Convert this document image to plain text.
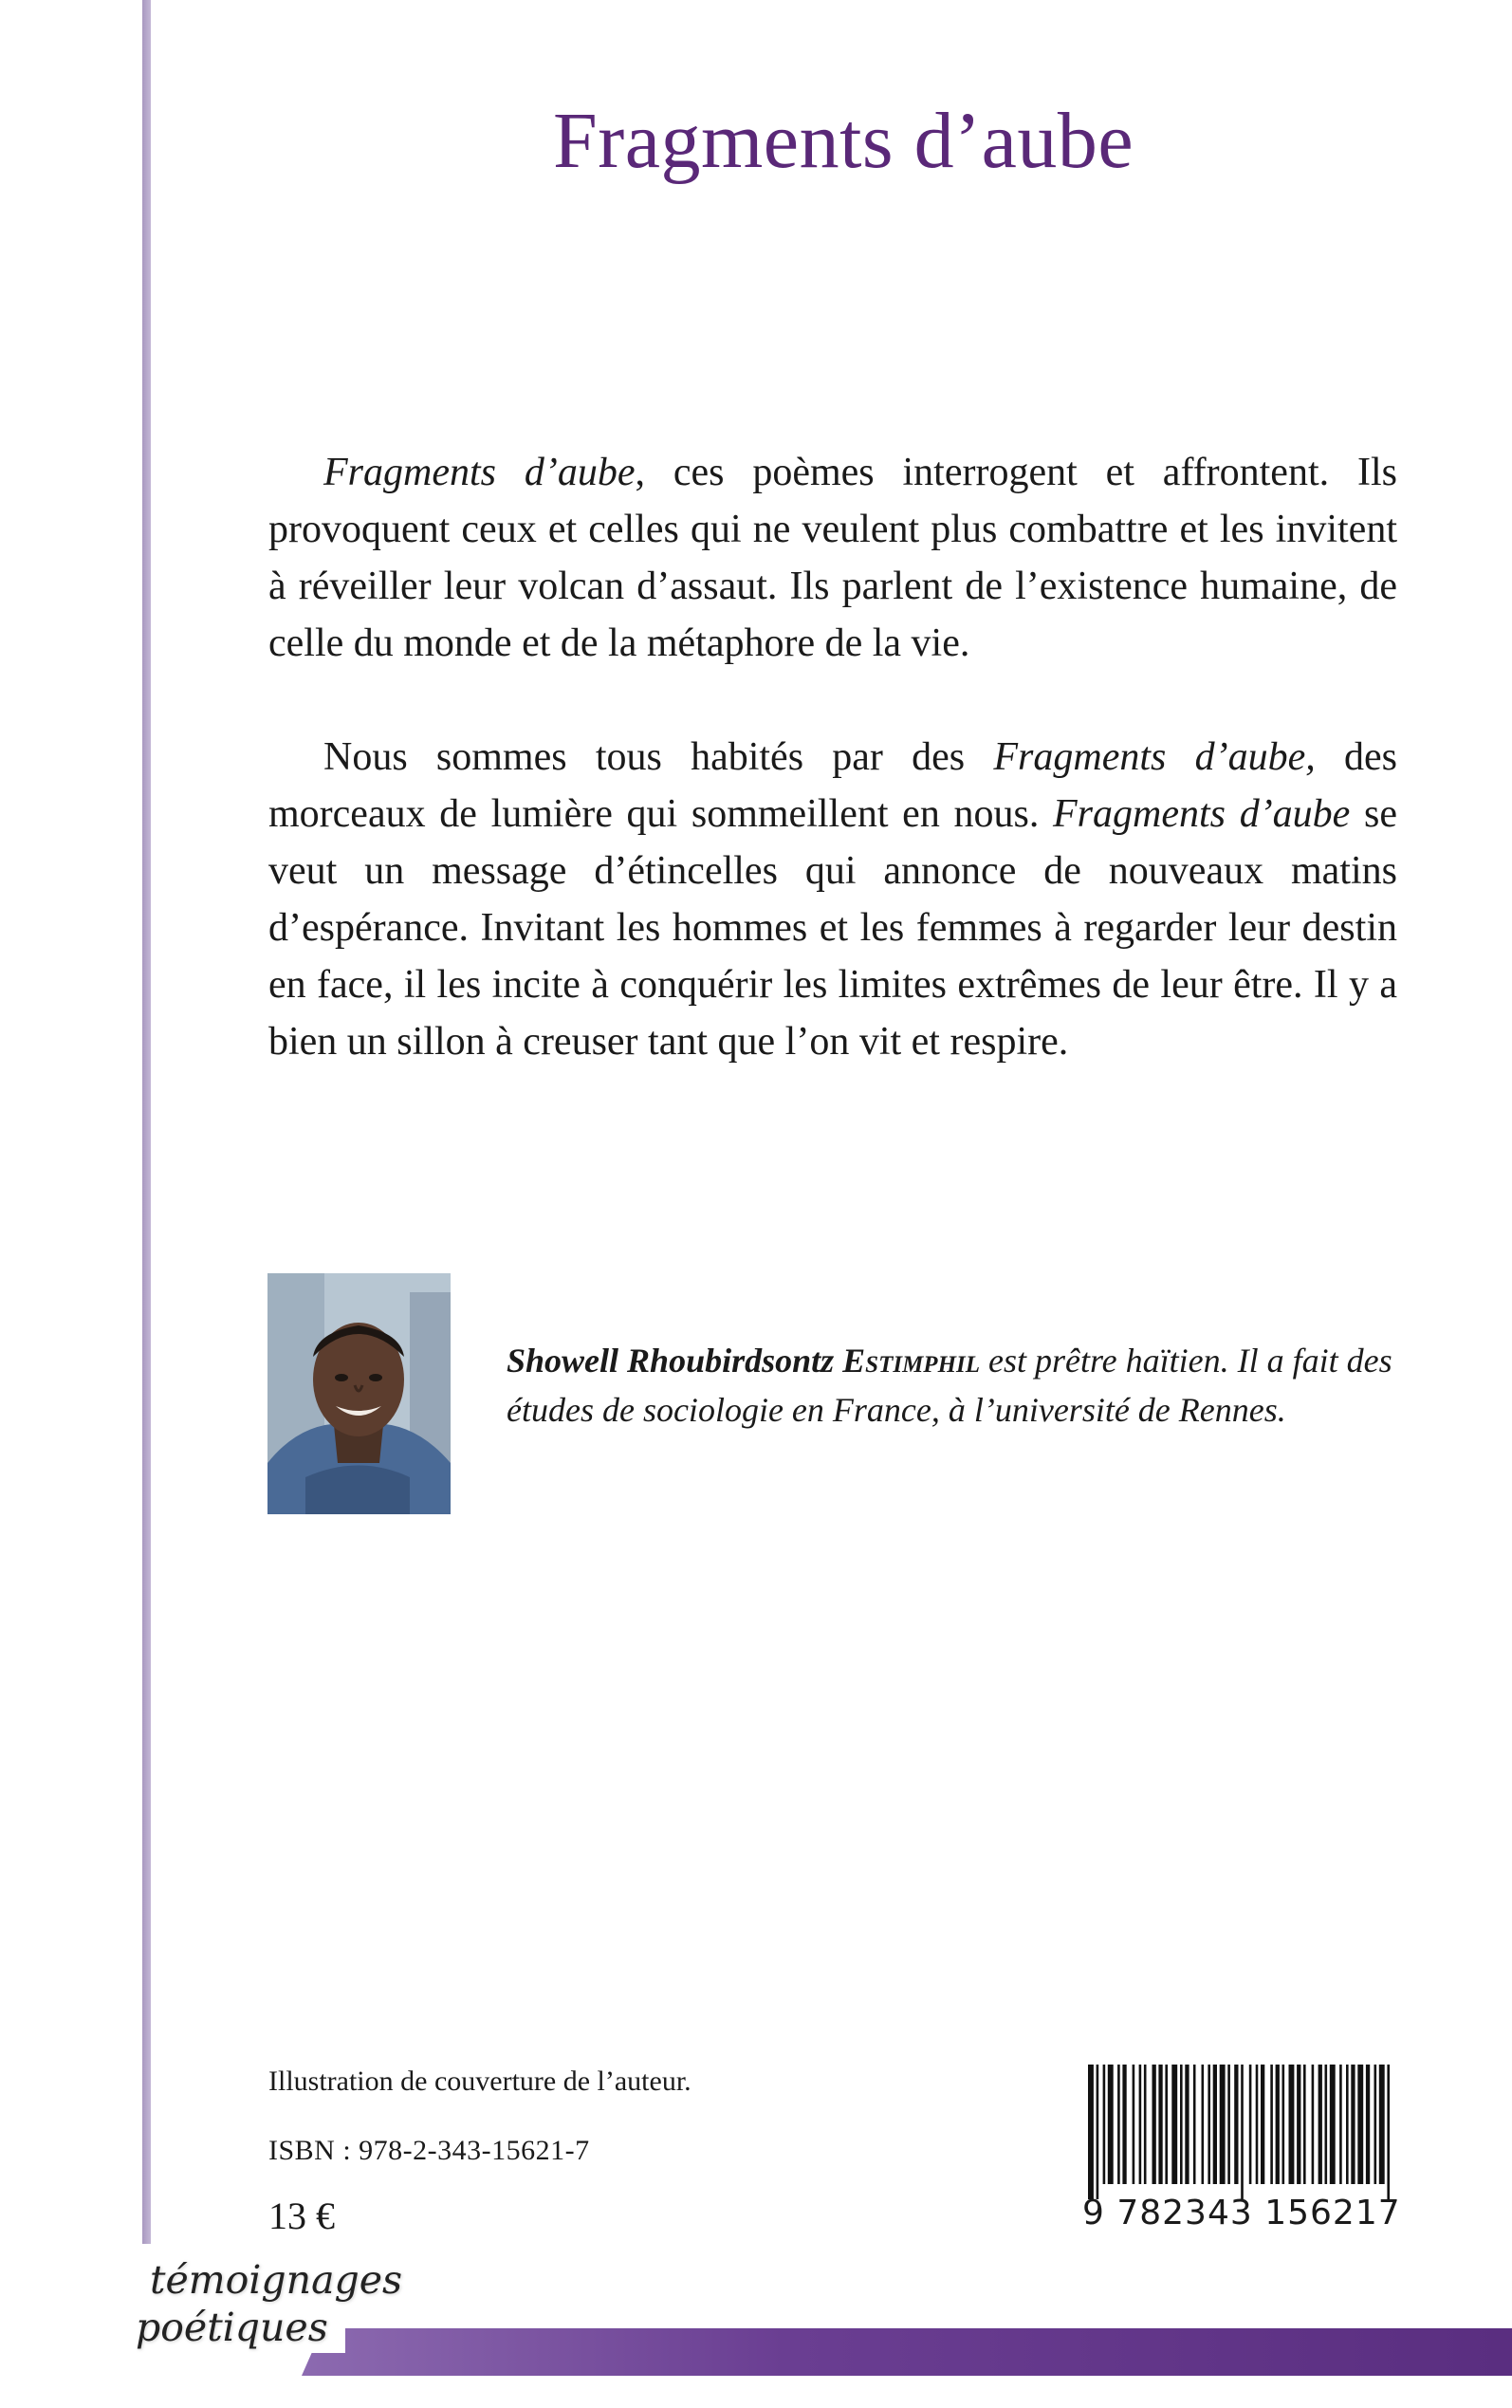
Fragments d’aube

Fragments d’aube, ces poèmes interrogent et affrontent. Ils provoquent ceux et celles qui ne veulent plus combattre et les invitent à réveiller leur volcan d’assaut. Ils parlent de l’existence humaine, de celle du monde et de la métaphore de la vie.

Nous sommes tous habités par des Fragments d’aube, des morceaux de lumière qui sommeillent en nous. Fragments d’aube se veut un message d’étincelles qui annonce de nouveaux matins d’espérance. Invitant les hommes et les femmes à regarder leur destin en face, il les incite à conquérir les limites extrêmes de leur être. Il y a bien un sillon à creuser tant que l’on vit et respire.

Showell Rhoubirdsontz Estimphil est prêtre haïtien. Il a fait des études de sociologie en France, à l’université de Rennes.
Illustration de couverture de l’auteur.
ISBN : 978-2-343-15621-7
13 €	9 782343 156217
témoignages
poétiques
